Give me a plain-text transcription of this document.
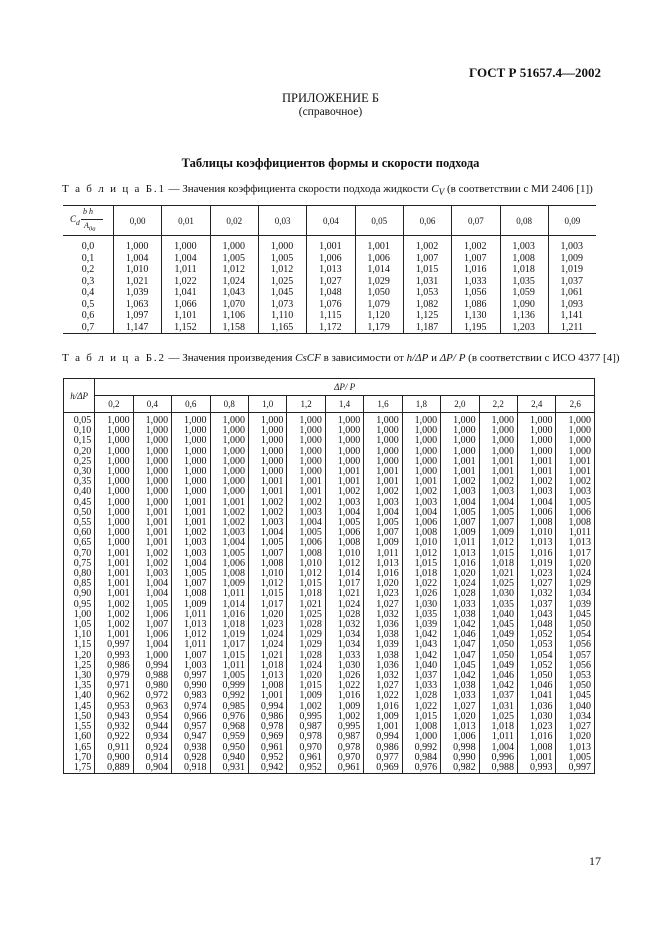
ГОСТ Р 51657.4—2002
ПРИЛОЖЕНИЕ Б
(справочное)
Таблицы коэффициентов формы и скорости подхода
Т а б л и ц а Б.1 — Значения коэффициента скорости подхода жидкости $C_V$ (в соответствии с МИ 2406 [1])
$C_d$
b h
$A_{0a}$	0,00	0,01	0,02	0,03	0,04	0,05	0,06	0,07	0,08	0,09
0,0	1,000	1,000	1,000	1,000	1,001	1,001	1,002	1,002	1,003	1,003
0,1	1,004	1,004	1,005	1,005	1,006	1,006	1,007	1,007	1,008	1,009
0,2	1,010	1,011	1,012	1,012	1,013	1,014	1,015	1,016	1,018	1,019
0,3	1,021	1,022	1,024	1,025	1,027	1,029	1,031	1,033	1,035	1,037
0,4	1,039	1,041	1,043	1,045	1,048	1,050	1,053	1,056	1,059	1,061
0,5	1,063	1,066	1,070	1,073	1,076	1,079	1,082	1,086	1,090	1,093
0,6	1,097	1,101	1,106	1,110	1,115	1,120	1,125	1,130	1,136	1,141
0,7	1,147	1,152	1,158	1,165	1,172	1,179	1,187	1,195	1,203	1,211
Т а б л и ц а Б.2 — Значения произведения CsCF в зависимости от h/ΔP и ΔP/ P (в соответствии с ИСО 4377 [4])
h/ΔP	ΔP/ P												
	0,2	0,4	0,6	0,8	1,0	1,2	1,4	1,6	1,8	2,0	2,2	2,4	2,6
0,05	1,000	1,000	1,000	1,000	1,000	1,000	1,000	1,000	1,000	1,000	1,000	1,000	1,000
0,10	1,000	1,000	1,000	1,000	1,000	1,000	1,000	1,000	1,000	1,000	1,000	1,000	1,000
0,15	1,000	1,000	1,000	1,000	1,000	1,000	1,000	1,000	1,000	1,000	1,000	1,000	1,000
0,20	1,000	1,000	1,000	1,000	1,000	1,000	1,000	1,000	1,000	1,000	1,000	1,000	1,000
0,25	1,000	1,000	1,000	1,000	1,000	1,000	1,000	1,000	1,000	1,001	1,001	1,001	1,001
0,30	1,000	1,000	1,000	1,000	1,000	1,000	1,001	1,001	1,000	1,001	1,001	1,001	1,001
0,35	1,000	1,000	1,000	1,000	1,001	1,001	1,001	1,001	1,001	1,002	1,002	1,002	1,002
0,40	1,000	1,000	1,000	1,000	1,001	1,001	1,002	1,002	1,002	1,003	1,003	1,003	1,003
0,45	1,000	1,000	1,001	1,001	1,002	1,002	1,003	1,003	1,003	1,004	1,004	1,004	1,005
0,50	1,000	1,001	1,001	1,002	1,002	1,003	1,004	1,004	1,004	1,005	1,005	1,006	1,006
0,55	1,000	1,001	1,001	1,002	1,003	1,004	1,005	1,005	1,006	1,007	1,007	1,008	1,008
0,60	1,000	1,001	1,002	1,003	1,004	1,005	1,006	1,007	1,008	1,009	1,009	1,010	1,011
0,65	1,000	1,001	1,003	1,004	1,005	1,006	1,008	1,009	1,010	1,011	1,012	1,013	1,013
0,70	1,001	1,002	1,003	1,005	1,007	1,008	1,010	1,011	1,012	1,013	1,015	1,016	1,017
0,75	1,001	1,002	1,004	1,006	1,008	1,010	1,012	1,013	1,015	1,016	1,018	1,019	1,020
0,80	1,001	1,003	1,005	1,008	1,010	1,012	1,014	1,016	1,018	1,020	1,021	1,023	1,024
0,85	1,001	1,004	1,007	1,009	1,012	1,015	1,017	1,020	1,022	1,024	1,025	1,027	1,029
0,90	1,001	1,004	1,008	1,011	1,015	1,018	1,021	1,023	1,026	1,028	1,030	1,032	1,034
0,95	1,002	1,005	1,009	1,014	1,017	1,021	1,024	1,027	1,030	1,033	1,035	1,037	1,039
1,00	1,002	1,006	1,011	1,016	1,020	1,025	1,028	1,032	1,035	1,038	1,040	1,043	1,045
1,05	1,002	1,007	1,013	1,018	1,023	1,028	1,032	1,036	1,039	1,042	1,045	1,048	1,050
1,10	1,001	1,006	1,012	1,019	1,024	1,029	1,034	1,038	1,042	1,046	1,049	1,052	1,054
1,15	0,997	1,004	1,011	1,017	1,024	1,029	1,034	1,039	1,043	1,047	1,050	1,053	1,056
1,20	0,993	1,000	1,007	1,015	1,021	1,028	1,033	1,038	1,042	1,047	1,050	1,054	1,057
1,25	0,986	0,994	1,003	1,011	1,018	1,024	1,030	1,036	1,040	1,045	1,049	1,052	1,056
1,30	0,979	0,988	0,997	1,005	1,013	1,020	1,026	1,032	1,037	1,042	1,046	1,050	1,053
1,35	0,971	0,980	0,990	0,999	1,008	1,015	1,022	1,027	1,033	1,038	1,042	1,046	1,050
1,40	0,962	0,972	0,983	0,992	1,001	1,009	1,016	1,022	1,028	1,033	1,037	1,041	1,045
1,45	0,953	0,963	0,974	0,985	0,994	1,002	1,009	1,016	1,022	1,027	1,031	1,036	1,040
1,50	0,943	0,954	0,966	0,976	0,986	0,995	1,002	1,009	1,015	1,020	1,025	1,030	1,034
1,55	0,932	0,944	0,957	0,968	0,978	0,987	0,995	1,001	1,008	1,013	1,018	1,023	1,027
1,60	0,922	0,934	0,947	0,959	0,969	0,978	0,987	0,994	1,000	1,006	1,011	1,016	1,020
1,65	0,911	0,924	0,938	0,950	0,961	0,970	0,978	0,986	0,992	0,998	1,004	1,008	1,013
1,70	0,900	0,914	0,928	0,940	0,952	0,961	0,970	0,977	0,984	0,990	0,996	1,001	1,005
1,75	0,889	0,904	0,918	0,931	0,942	0,952	0,961	0,969	0,976	0,982	0,988	0,993	0,997
17
